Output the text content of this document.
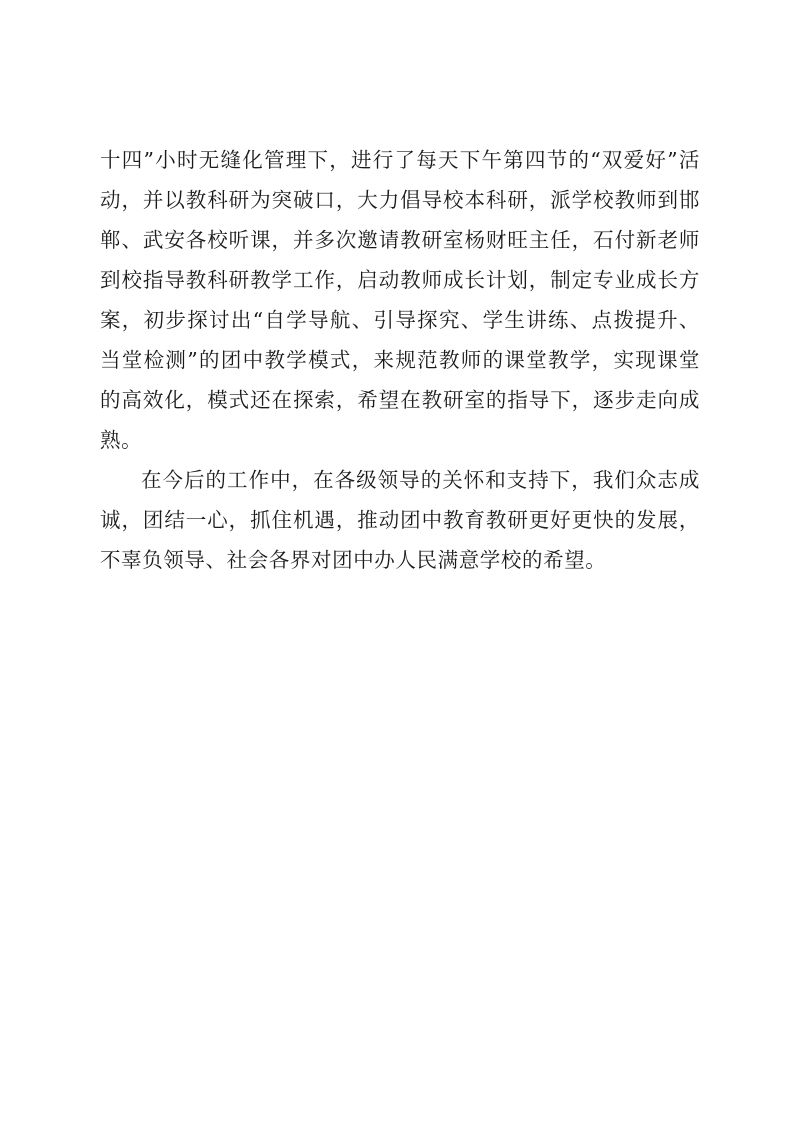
十四”小时无缝化管理下，进行了每天下午第四节的“双爱好”活动，并以教科研为突破口，大力倡导校本科研，派学校教师到邯郸、武安各校听课，并多次邀请教研室杨财旺主任，石付新老师到校指导教科研教学工作，启动教师成长计划，制定专业成长方案，初步探讨出“自学导航、引导探究、学生讲练、点拨提升、当堂检测”的团中教学模式，来规范教师的课堂教学，实现课堂的高效化，模式还在探索，希望在教研室的指导下，逐步走向成熟。

在今后的工作中，在各级领导的关怀和支持下，我们众志成诚，团结一心，抓住机遇，推动团中教育教研更好更快的发展，不辜负领导、社会各界对团中办人民满意学校的希望。
